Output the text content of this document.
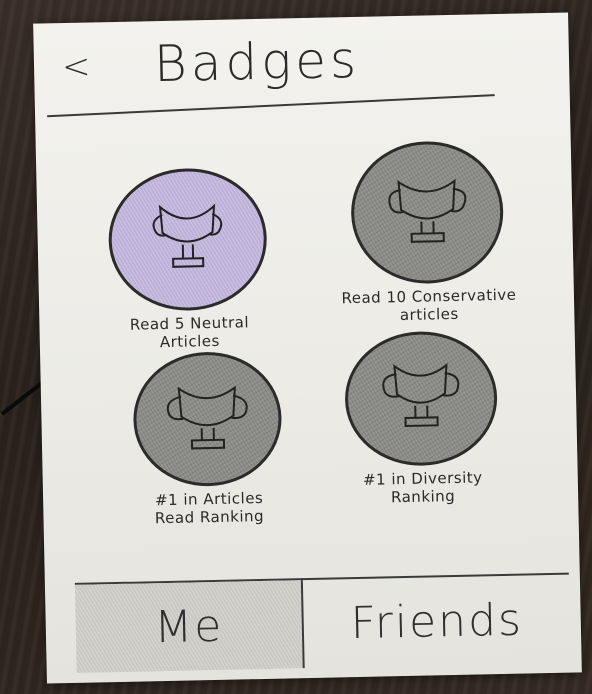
< Badges
Read 5 Neutral
Articles
Read 10 Conservative
articles
#1 in Articles
Read Ranking
#1 in Diversity
Ranking
Me	Friends
